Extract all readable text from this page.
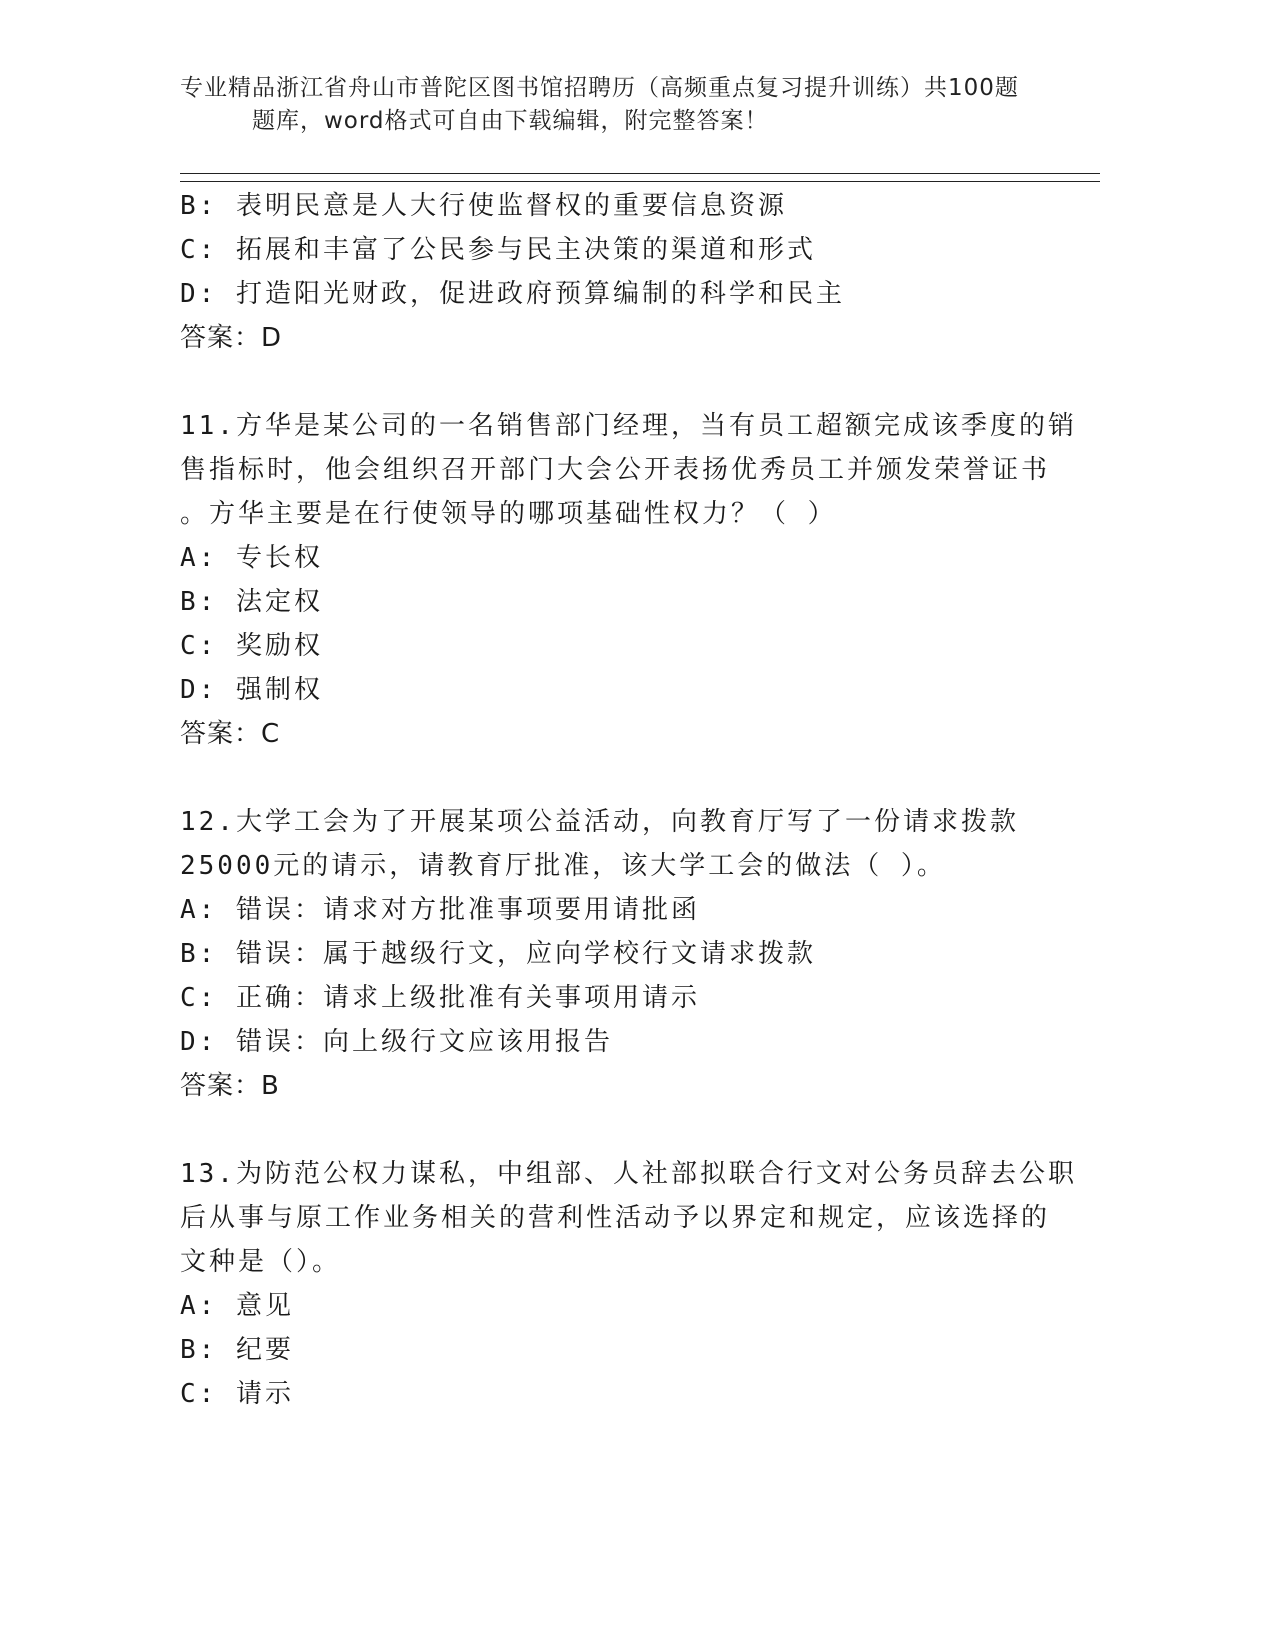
专业精品浙江省舟山市普陀区图书馆招聘历（高频重点复习提升训练）共100题
题库，word格式可自由下载编辑，附完整答案！
B: 表明民意是人大行使监督权的重要信息资源
C: 拓展和丰富了公民参与民主决策的渠道和形式
D: 打造阳光财政，促进政府预算编制的科学和民主
答案：D
11.方华是某公司的一名销售部门经理，当有员工超额完成该季度的销
售指标时，他会组织召开部门大会公开表扬优秀员工并颁发荣誉证书
。方华主要是在行使领导的哪项基础性权力？（ ）
A: 专长权
B: 法定权
C: 奖励权
D: 强制权
答案：C
12.大学工会为了开展某项公益活动，向教育厅写了一份请求拨款
25000元的请示，请教育厅批准，该大学工会的做法（ ）。
A: 错误：请求对方批准事项要用请批函
B: 错误：属于越级行文，应向学校行文请求拨款
C: 正确：请求上级批准有关事项用请示
D: 错误：向上级行文应该用报告
答案：B
13.为防范公权力谋私，中组部、人社部拟联合行文对公务员辞去公职
后从事与原工作业务相关的营利性活动予以界定和规定，应该选择的
文种是（）。
A: 意见
B: 纪要
C: 请示
